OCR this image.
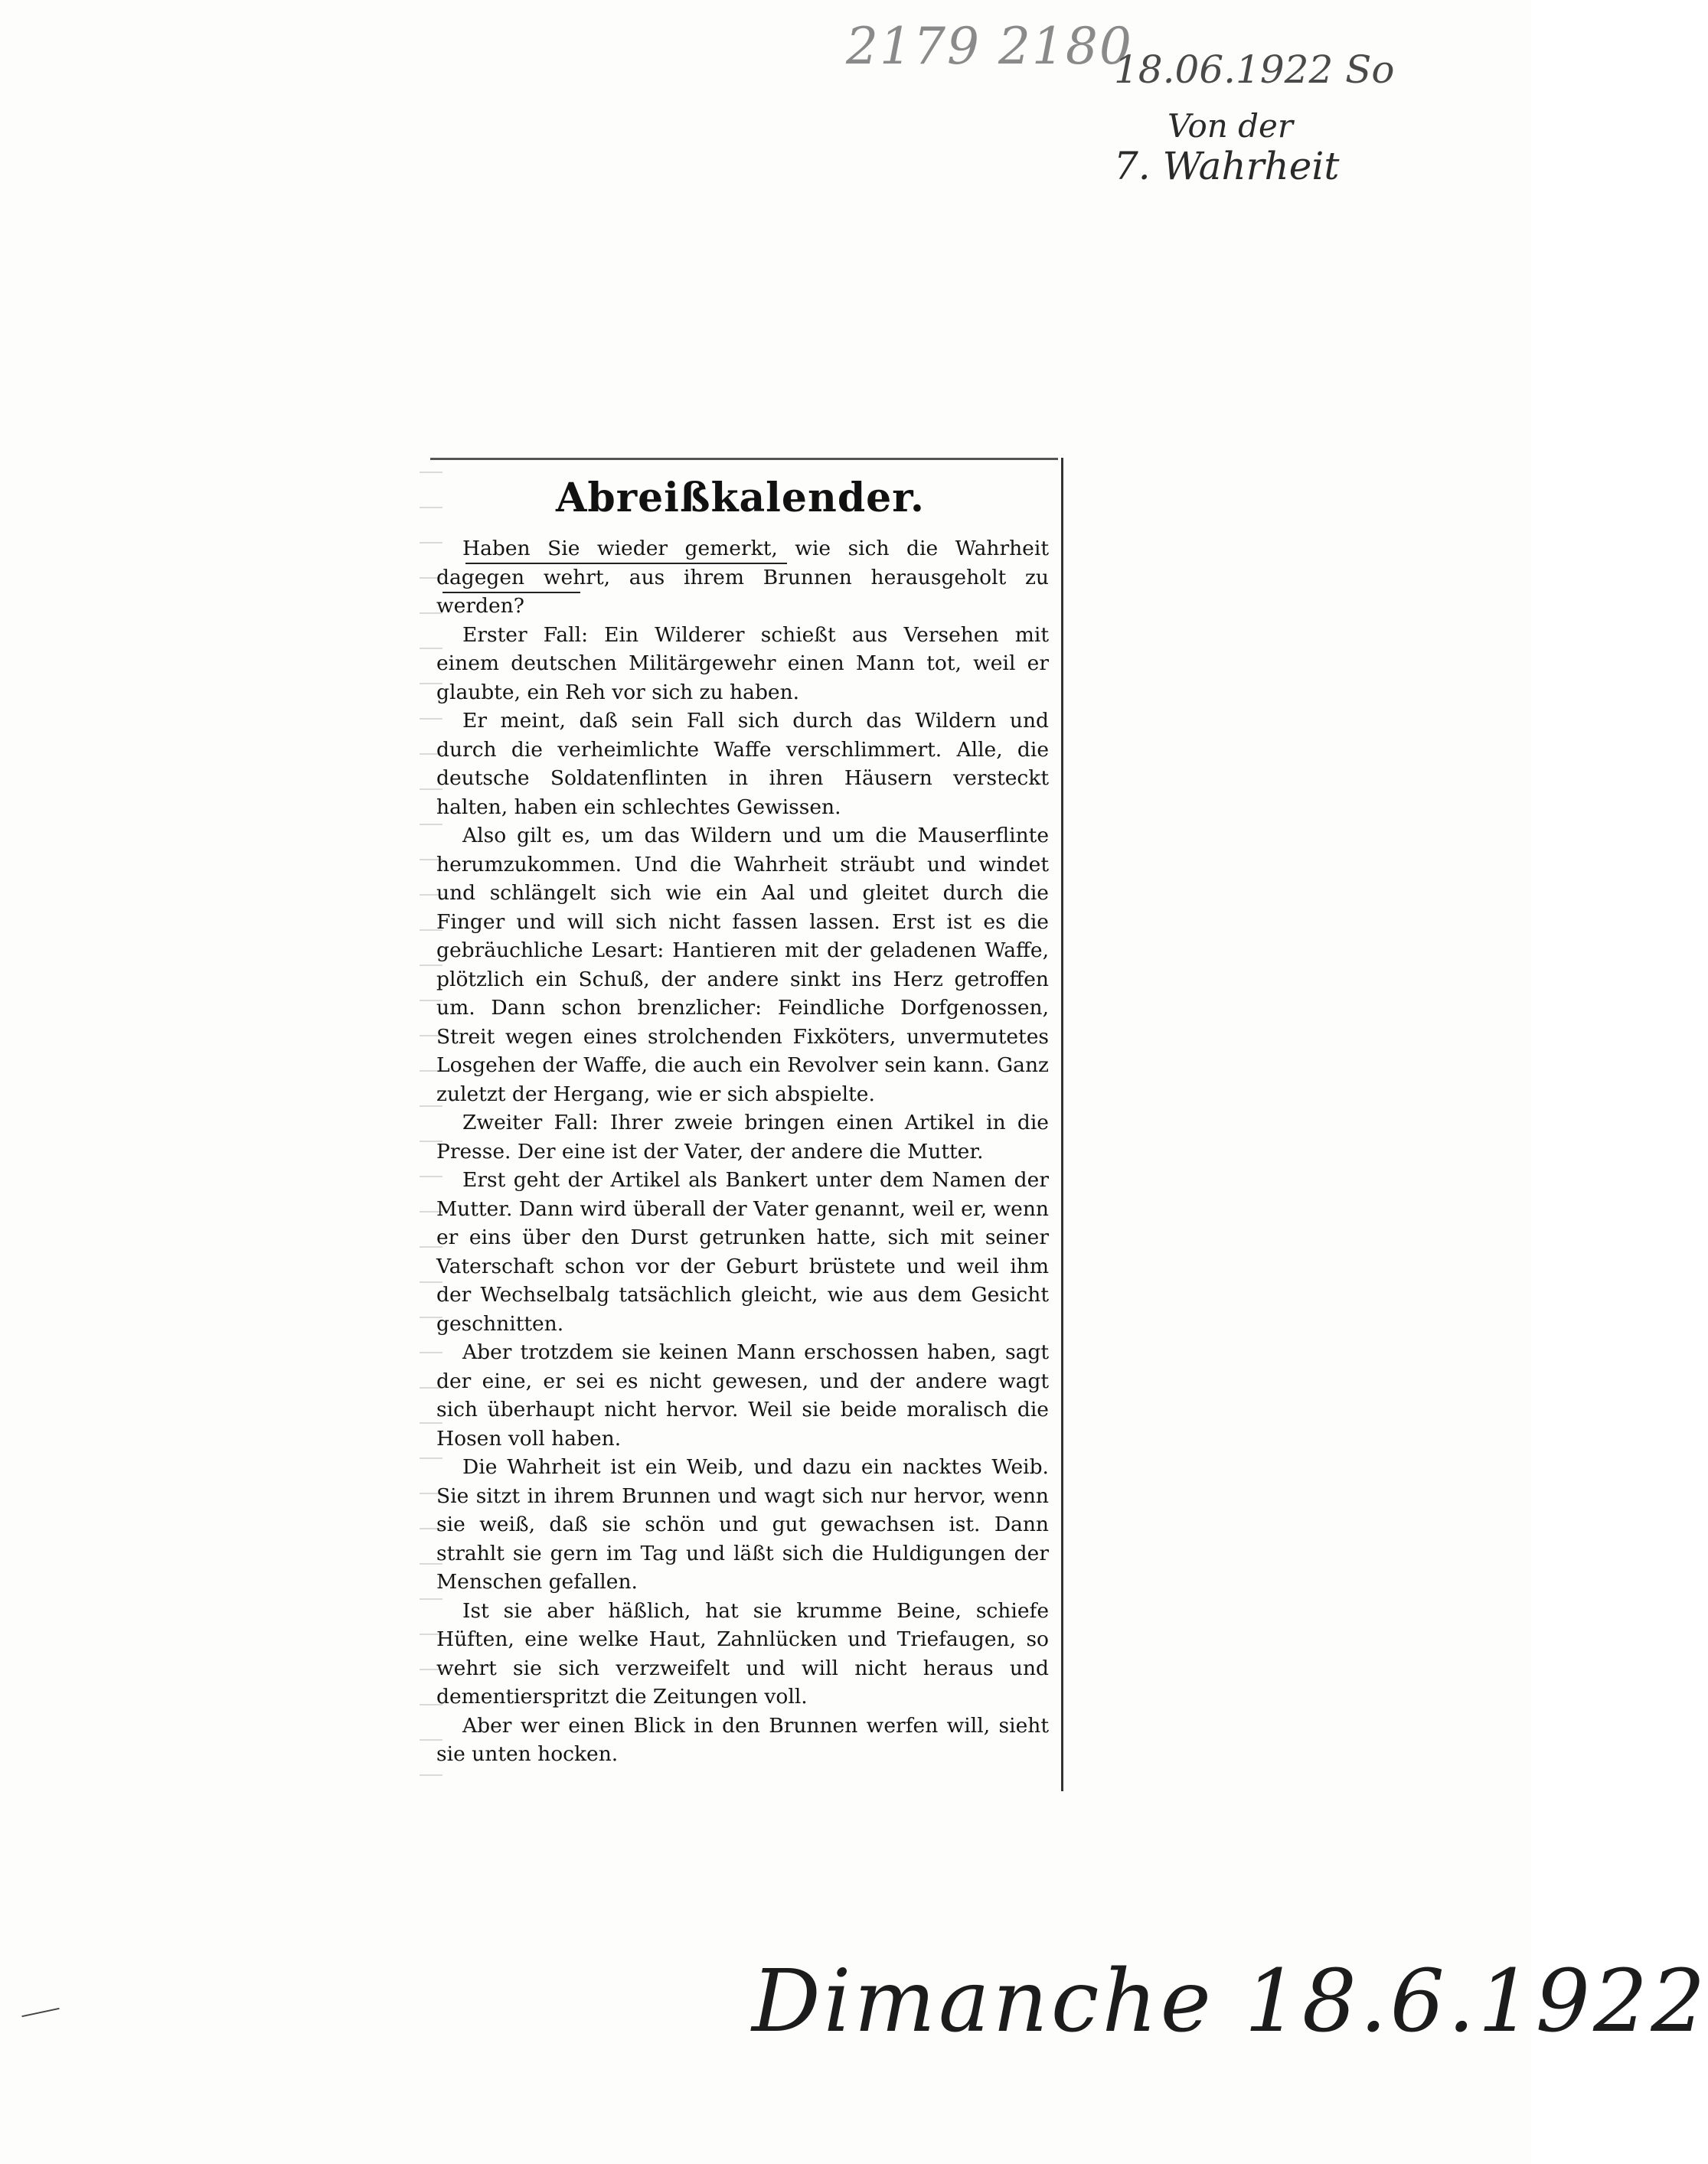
2179 2180
18.06.1922 So
Von der
7. Wahrheit
Abreißkalender.

Haben Sie wieder gemerkt, wie sich die Wahrheit dagegen wehrt, aus ihrem Brunnen herausgeholt zu werden?

Erster Fall: Ein Wilderer schießt aus Versehen mit einem deutschen Militärgewehr einen Mann tot, weil er glaubte, ein Reh vor sich zu haben.

Er meint, daß sein Fall sich durch das Wildern und durch die verheimlichte Waffe verschlimmert. Alle, die deutsche Soldatenflinten in ihren Häusern versteckt halten, haben ein schlechtes Gewissen.

Also gilt es, um das Wildern und um die Mauserflinte herumzukommen. Und die Wahrheit sträubt und windet und schlängelt sich wie ein Aal und gleitet durch die Finger und will sich nicht fassen lassen. Erst ist es die gebräuchliche Lesart: Hantieren mit der geladenen Waffe, plötzlich ein Schuß, der andere sinkt ins Herz getroffen um. Dann schon brenzlicher: Feindliche Dorfgenossen, Streit wegen eines strolchenden Fixköters, unvermutetes Losgehen der Waffe, die auch ein Revolver sein kann. Ganz zuletzt der Hergang, wie er sich abspielte.

Zweiter Fall: Ihrer zweie bringen einen Artikel in die Presse. Der eine ist der Vater, der andere die Mutter.

Erst geht der Artikel als Bankert unter dem Namen der Mutter. Dann wird überall der Vater genannt, weil er, wenn er eins über den Durst getrunken hatte, sich mit seiner Vaterschaft schon vor der Geburt brüstete und weil ihm der Wechselbalg tatsächlich gleicht, wie aus dem Gesicht geschnitten.

Aber trotzdem sie keinen Mann erschossen haben, sagt der eine, er sei es nicht gewesen, und der andere wagt sich überhaupt nicht hervor. Weil sie beide moralisch die Hosen voll haben.

Die Wahrheit ist ein Weib, und dazu ein nacktes Weib. Sie sitzt in ihrem Brunnen und wagt sich nur hervor, wenn sie weiß, daß sie schön und gut gewachsen ist. Dann strahlt sie gern im Tag und läßt sich die Huldigungen der Menschen gefallen.

Ist sie aber häßlich, hat sie krumme Beine, schiefe Hüften, eine welke Haut, Zahnlücken und Triefaugen, so wehrt sie sich verzweifelt und will nicht heraus und dementierspritzt die Zeitungen voll.

Aber wer einen Blick in den Brunnen werfen will, sieht sie unten hocken.

Dimanche 18.6.1922
